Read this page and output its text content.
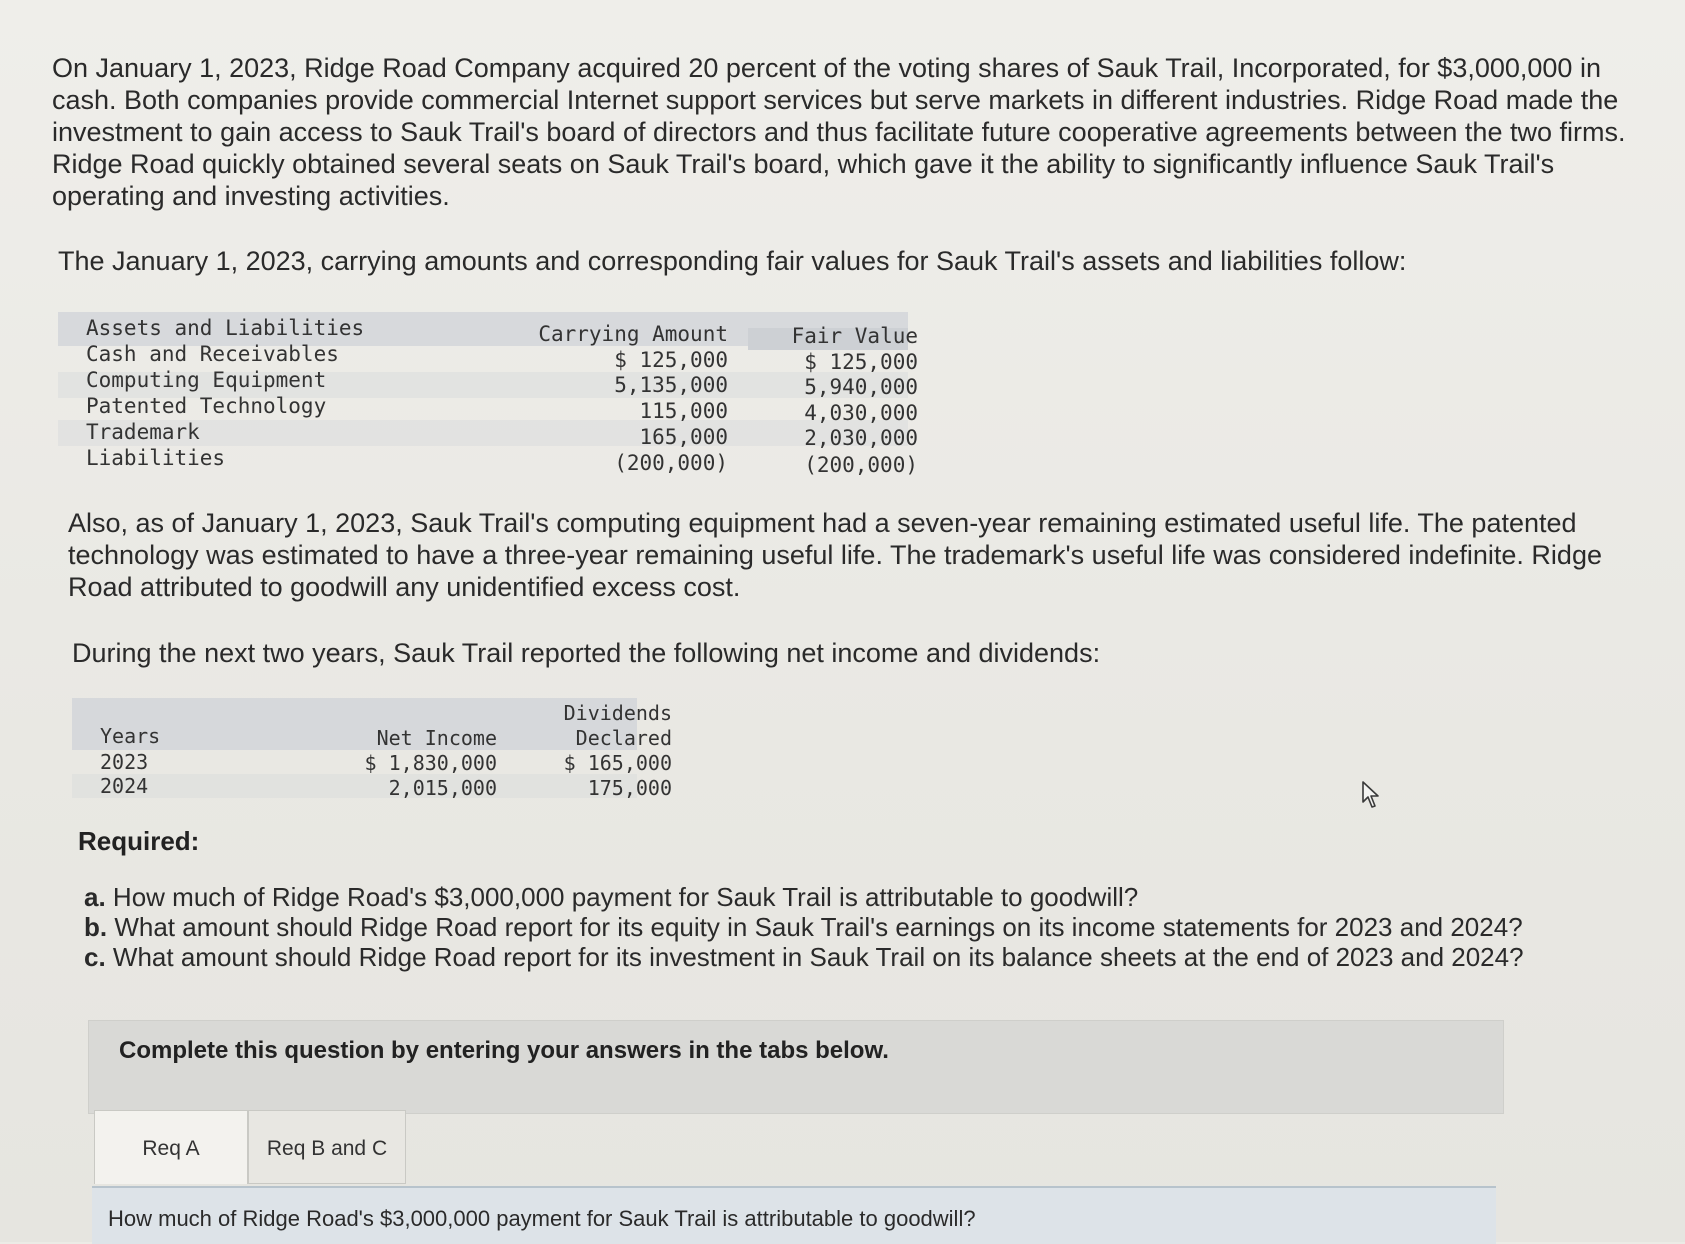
On January 1, 2023, Ridge Road Company acquired 20 percent of the voting shares of Sauk Trail, Incorporated, for $3,000,000 in cash. Both companies provide commercial Internet support services but serve markets in different industries. Ridge Road made the investment to gain access to Sauk Trail's board of directors and thus facilitate future cooperative agreements between the two firms. Ridge Road quickly obtained several seats on Sauk Trail's board, which gave it the ability to significantly influence Sauk Trail's operating and investing activities.

The January 1, 2023, carrying amounts and corresponding fair values for Sauk Trail's assets and liabilities follow:

Assets and Liabilities	Carrying Amount	Fair Value
Cash and Receivables	$ 125,000	$ 125,000
Computing Equipment	5,135,000	5,940,000
Patented Technology	115,000	4,030,000
Trademark	165,000	2,030,000
Liabilities	(200,000)	(200,000)

Also, as of January 1, 2023, Sauk Trail's computing equipment had a seven-year remaining estimated useful life. The patented technology was estimated to have a three-year remaining useful life. The trademark's useful life was considered indefinite. Ridge Road attributed to goodwill any unidentified excess cost.

During the next two years, Sauk Trail reported the following net income and dividends:

Dividends
Years	Net Income	Declared
2023	$ 1,830,000	$ 165,000
2024	2,015,000	175,000

Required:

a. How much of Ridge Road's $3,000,000 payment for Sauk Trail is attributable to goodwill?
b. What amount should Ridge Road report for its equity in Sauk Trail's earnings on its income statements for 2023 and 2024?
c. What amount should Ridge Road report for its investment in Sauk Trail on its balance sheets at the end of 2023 and 2024?
Complete this question by entering your answers in the tabs below.
Req A	Req B and C
How much of Ridge Road's $3,000,000 payment for Sauk Trail is attributable to goodwill?
